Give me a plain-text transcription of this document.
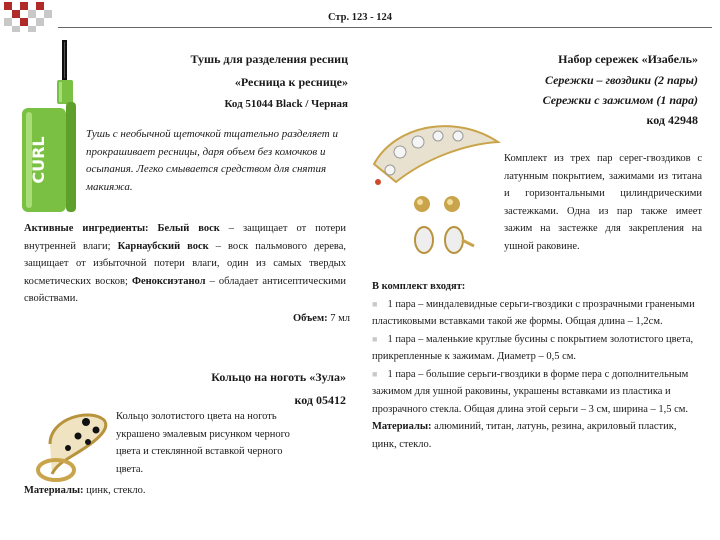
Стр. 123 - 124
CURL

Тушь для разделения ресниц

«Ресница к реснице»

Код 51044 Black / Черная

Тушь с необычной щеточкой тщательно разделяет и прокрашивает ресницы, даря объем без комочков и осыпания. Легко смывается средством для снятия макияжа.
Активные ингредиенты: Белый воск – защищает от потери внутренней влаги; Карнаубский воск – воск пальмового дерева, защищает от избыточной потери влаги, один из самых твердых косметических восков; Феноксиэтанол – обладает антисептическими свойствами.
Объем: 7 мл

Кольцо на ноготь «Зула»

код 05412

Кольцо золотистого цвета на ноготь украшено эмалевым рисунком черного цвета и стеклянной вставкой черного цвета.
Материалы: цинк, стекло.

Набор сережек «Изабель»

Сережки – гвоздики (2 пары)

Сережки с зажимом (1 пара)

код 42948

Комплект из трех пар серег-гвоздиков с латунным покрытием, зажимами из титана и горизонтальными цилиндрическими застежками. Одна из пар также имеет зажим на застежке для закрепления на ушной раковине.

В комплект входят:

■ 1 пара – миндалевидные серьги-гвоздики с прозрачными гранеными пластиковыми вставками такой же формы. Общая длина – 1,2см.

■ 1 пара – маленькие круглые бусины с покрытием золотистого цвета, прикрепленные к зажимам. Диаметр – 0,5 см.

■ 1 пара – большие серьги-гвоздики в форме пера с дополнительным зажимом для ушной раковины, украшены вставками из пластика и прозрачного стекла. Общая длина этой серьги – 3 см, ширина – 1,5 см.

Материалы: алюминий, титан, латунь, резина, акриловый пластик, цинк, стекло.
